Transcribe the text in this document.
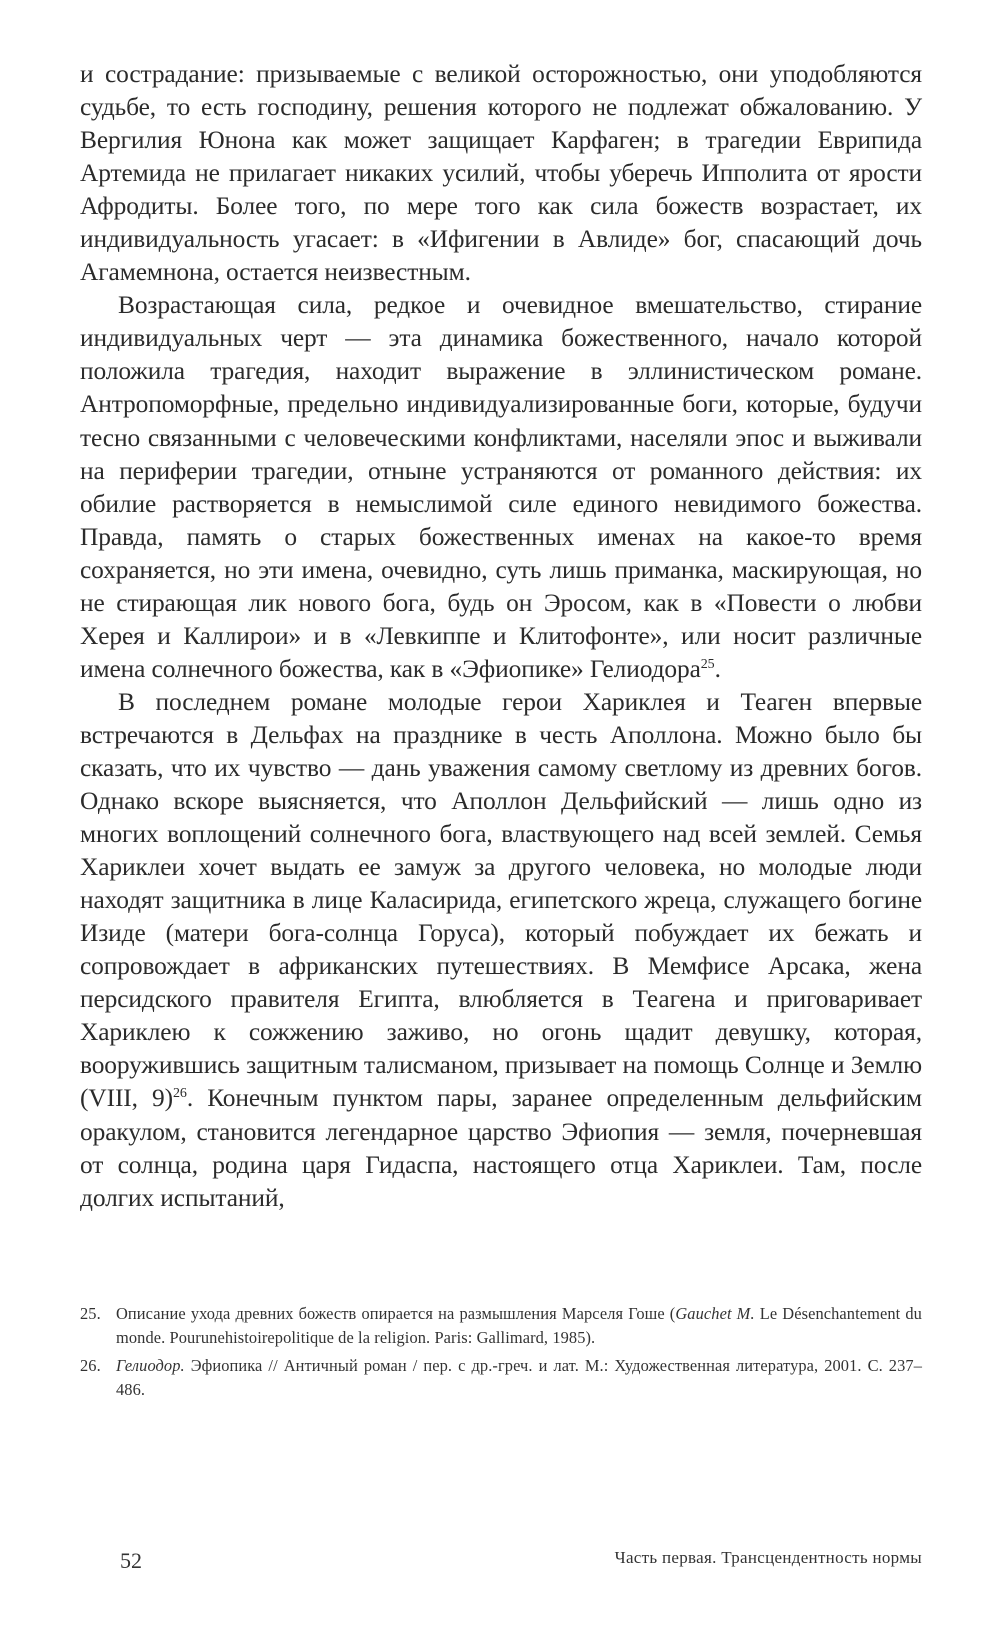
и сострадание: призываемые с великой осторожностью, они уподобляются судьбе, то есть господину, решения которого не подлежат обжалованию. У Вергилия Юнона как может защищает Карфаген; в трагедии Еврипида Артемида не прилагает никаких усилий, чтобы уберечь Ипполита от ярости Афродиты. Более того, по мере того как сила божеств возрастает, их индивидуальность угасает: в «Ифигении в Авлиде» бог, спасающий дочь Агамемнона, остается неизвестным.

Возрастающая сила, редкое и очевидное вмешательство, стирание индивидуальных черт — эта динамика божественного, начало которой положила трагедия, находит выражение в эллинистическом романе. Антропоморфные, предельно индивидуализированные боги, которые, будучи тесно связанными с человеческими конфликтами, населяли эпос и выживали на периферии трагедии, отныне устраняются от романного действия: их обилие растворяется в немыслимой силе единого невидимого божества. Правда, память о старых божественных именах на какое-то время сохраняется, но эти имена, очевидно, суть лишь приманка, маскирующая, но не стирающая лик нового бога, будь он Эросом, как в «Повести о любви Херея и Каллирои» и в «Левкиппе и Клитофонте», или носит различные имена солнечного божества, как в «Эфиопике» Гелиодора$^{25}$.

В последнем романе молодые герои Хариклея и Теаген впервые встречаются в Дельфах на празднике в честь Аполлона. Можно было бы сказать, что их чувство — дань уважения самому светлому из древних богов. Однако вскоре выясняется, что Аполлон Дельфийский — лишь одно из многих воплощений солнечного бога, властвующего над всей землей. Семья Хариклеи хочет выдать ее замуж за другого человека, но молодые люди находят защитника в лице Каласирида, египетского жреца, служащего богине Изиде (матери бога-солнца Горуса), который побуждает их бежать и сопровождает в африканских путешествиях. В Мемфисе Арсака, жена персидского правителя Египта, влюбляется в Теагена и приговаривает Хариклею к сожжению заживо, но огонь щадит девушку, которая, вооружившись защитным талисманом, призывает на помощь Солнце и Землю (VIII, 9)$^{26}$. Конечным пунктом пары, заранее определенным дельфийским оракулом, становится легендарное царство Эфиопия — земля, почерневшая от солнца, родина царя Гидаспа, настоящего отца Хариклеи. Там, после долгих испытаний,

25. Описание ухода древних божеств опирается на размышления Марселя Гоше (Gauchet M. Le Désenchantement du monde. Pourunehistoirepolitique de la religion. Paris: Gallimard, 1985).
26. Гелиодор. Эфиопика // Античный роман / пер. с др.-греч. и лат. М.: Художественная литература, 2001. С. 237–486.
52	Часть первая. Трансцендентность нормы
